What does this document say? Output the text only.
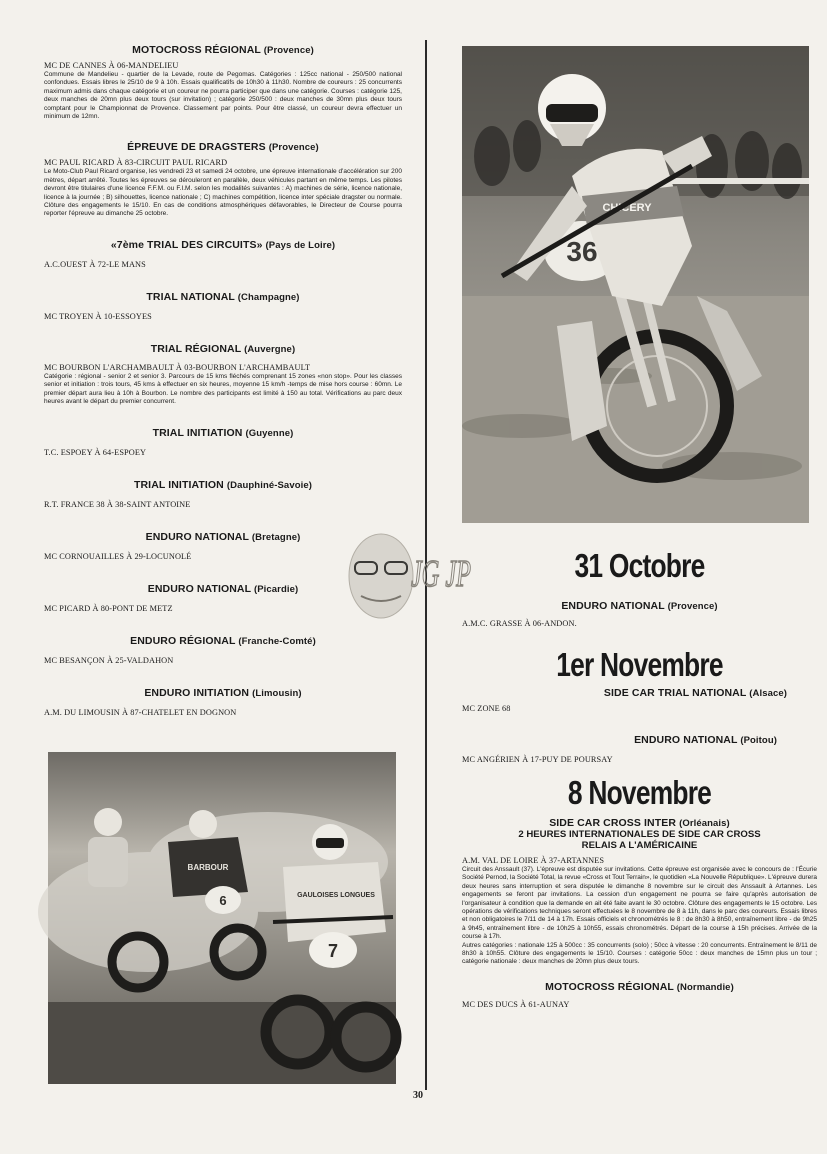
MOTOCROSS RÉGIONAL (Provence)

MC DE CANNES À 06-MANDELIEU

Commune de Mandelieu - quartier de la Levade, route de Pegomas. Catégories : 125cc national - 250/500 national confondues. Essais libres le 25/10 de 9 à 10h. Essais qualificatifs de 10h30 à 11h30. Nombre de coureurs : 25 concurrents maximum admis dans chaque catégorie et un coureur ne pourra participer que dans une catégorie. Courses : catégorie 125, deux manches de 20mn plus deux tours (sur invitation) ; catégorie 250/500 : deux manches de 30mn plus deux tours comptant pour le Championnat de Provence. Classement par points. Pour être classé, un coureur devra effectuer un minimum de 12mn.

ÉPREUVE DE DRAGSTERS (Provence)

MC PAUL RICARD À 83-CIRCUIT PAUL RICARD

Le Moto-Club Paul Ricard organise, les vendredi 23 et samedi 24 octobre, une épreuve internationale d'accélération sur 200 mètres, départ arrêté. Toutes les épreuves se dérouleront en parallèle, deux véhicules partant en même temps. Les pilotes devront être titulaires d'une licence F.F.M. ou F.I.M. selon les modalités suivantes : A) machines de série, licence nationale, licence à la journée ; B) silhouettes, licence nationale ; C) machines compétition, licence inter spéciale dragster ou normale. Clôture des engagements le 15/10. En cas de conditions atmosphériques défavorables, le Directeur de Course pourra reporter l'épreuve au dimanche 25 octobre.

«7ème TRIAL DES CIRCUITS» (Pays de Loire)

A.C.OUEST À 72-LE MANS

TRIAL NATIONAL (Champagne)

MC TROYEN À 10-ESSOYES

TRIAL RÉGIONAL (Auvergne)

MC BOURBON L'ARCHAMBAULT À 03-BOURBON L'ARCHAMBAULT

Catégorie : régional - senior 2 et senior 3. Parcours de 15 kms fléchés comprenant 15 zones «non stop». Pour les classes senior et initiation : trois tours, 45 kms à effectuer en six heures, moyenne 15 km/h -temps de mise hors course : 60mn. Le premier départ aura lieu à 10h à Bourbon. Le nombre des participants est limité à 150 au total. Vérifications au parc deux heures avant le départ du premier concurrent.

TRIAL INITIATION (Guyenne)

T.C. ESPOEY À 64-ESPOEY

TRIAL INITIATION (Dauphiné-Savoie)

R.T. FRANCE 38 À 38-SAINT ANTOINE

ENDURO NATIONAL (Bretagne)

MC CORNOUAILLES À 29-LOCUNOLÉ

ENDURO NATIONAL (Picardie)

MC PICARD À 80-PONT DE METZ

ENDURO RÉGIONAL (Franche-Comté)

MC BESANÇON À 25-VALDAHON

ENDURO INITIATION (Limousin)

A.M. DU LIMOUSIN À 87-CHATELET EN DOGNON

36
CHICERY
JG JP
BARBOUR
6	GAULOISES LONGUES
7

31 Octobre

ENDURO NATIONAL (Provence)

A.M.C. GRASSE À 06-ANDON.

1er Novembre

SIDE CAR TRIAL NATIONAL (Alsace)

MC ZONE 68

ENDURO NATIONAL (Poitou)

MC ANGÉRIEN À 17-PUY DE POURSAY

8 Novembre

SIDE CAR CROSS INTER (Orléanais)

2 HEURES INTERNATIONALES DE SIDE CAR CROSS

RELAIS A L'AMÉRICAINE

A.M. VAL DE LOIRE À 37-ARTANNES

Circuit des Anssault (37). L'épreuve est disputée sur invitations. Cette épreuve est organisée avec le concours de : l'Écurie Société Pernod, la Société Total, la revue «Cross et Tout Terrain», le quotidien «La Nouvelle République». L'épreuve durera deux heures sans interruption et sera disputée le dimanche 8 novembre sur le circuit des Anssault à Artannes. Les engagements se feront par invitations. La cession d'un engagement ne pourra se faire qu'après autorisation de l'organisateur à condition que la demande en ait été faite avant le 30 octobre. Clôture des engagements le 15 octobre. Les opérations de vérifications techniques seront effectuées le 8 novembre de 8 à 11h, dans le parc des coureurs. Essais libres et non obligatoires le 7/11 de 14 à 17h. Essais officiels et chronométrés le 8 : de 8h30 à 8h50, entraînement libre - de 9h25 à 9h45, entraînement libre - de 10h25 à 10h55, essais chronométrés. Départ de la course à 15h précises. Arrivée de la course à 17h.

Autres catégories : nationale 125 à 500cc : 35 concurrents (solo) ; 50cc à vitesse : 20 concurrents. Entraînement le 8/11 de 8h30 à 10h55. Clôture des engagements le 15/10. Courses : catégorie 50cc : deux manches de 15mn plus un tour ; catégorie nationale : deux manches de 20mn plus deux tours.

MOTOCROSS RÉGIONAL (Normandie)

MC DES DUCS À 61-AUNAY

30
